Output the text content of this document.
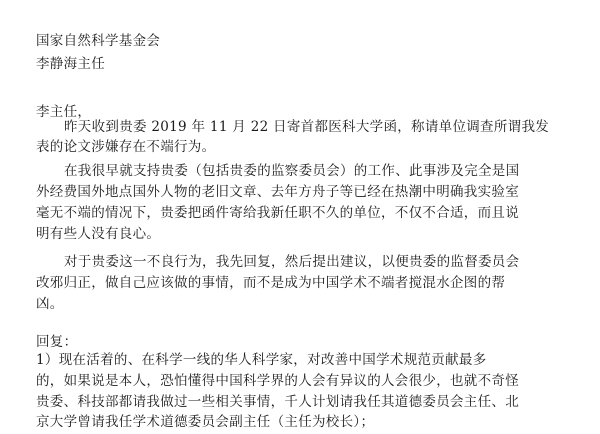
国家自然科学基金会
李静海主任
李主任，
昨天收到贵委 2019 年 11 月 22 日寄首都医科大学函，称请单位调查所谓我发
表的论文涉嫌存在不端行为。
在我很早就支持贵委（包括贵委的监察委员会）的工作、此事涉及完全是国
外经费国外地点国外人物的老旧文章、去年方舟子等已经在热潮中明确我实验室
毫无不端的情况下，贵委把函件寄给我新任职不久的单位，不仅不合适，而且说
明有些人没有良心。
对于贵委这一不良行为，我先回复，然后提出建议，以便贵委的监督委员会
改邪归正，做自己应该做的事情，而不是成为中国学术不端者搅混水企图的帮
凶。
回复：
1）现在活着的、在科学一线的华人科学家，对改善中国学术规范贡献最多
的，如果说是本人，恐怕懂得中国科学界的人会有异议的人会很少，也就不奇怪
贵委、科技部都请我做过一些相关事情，千人计划请我任其道德委员会主任、北
京大学曾请我任学术道德委员会副主任（主任为校长）；
